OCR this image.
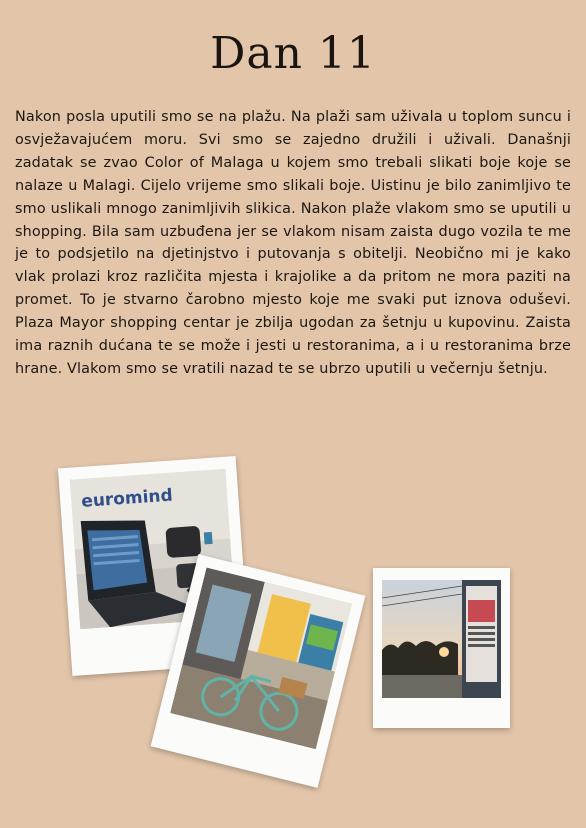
Dan 11

Nakon posla uputili smo se na plažu. Na plaži sam uživala u toplom suncu i osvježavajućem moru. Svi smo se zajedno družili i uživali. Današnji zadatak se zvao Color of Malaga u kojem smo trebali slikati boje koje se nalaze u Malagi. Cijelo vrijeme smo slikali boje. Uistinu je bilo zanimljivo te smo uslikali mnogo zanimljivih slikica. Nakon plaže vlakom smo se uputili u shopping. Bila sam uzbuđena jer se vlakom nisam zaista dugo vozila te me je to podsjetilo na djetinjstvo i putovanja s obitelji. Neobično mi je kako vlak prolazi kroz različita mjesta i krajolike a da pritom ne mora paziti na promet. To je stvarno čarobno mjesto koje me svaki put iznova oduševi. Plaza Mayor shopping centar je zbilja ugodan za šetnju u kupovinu. Zaista ima raznih dućana te se može i jesti u restoranima, a i u restoranima brze hrane. Vlakom smo se vratili nazad te se ubrzo uputili u večernju šetnju.

euromind
